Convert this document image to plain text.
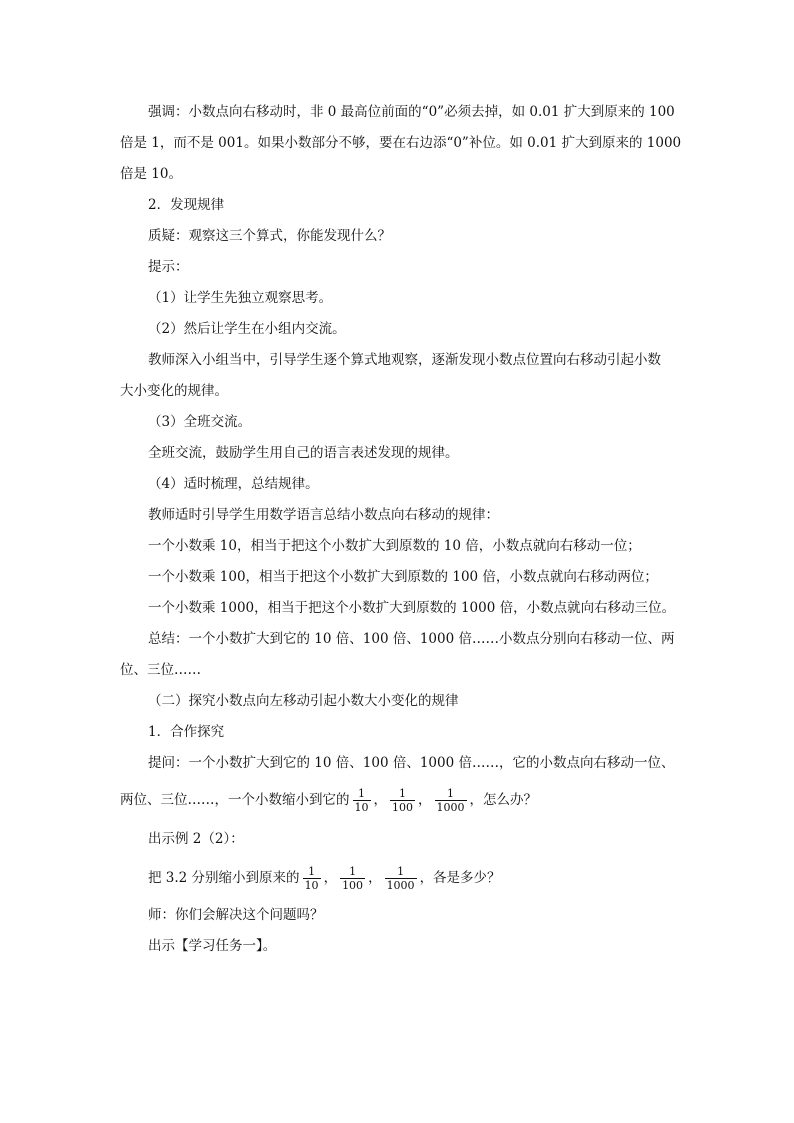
强调：小数点向右移动时，非 0 最高位前面的“0”必须去掉，如 0.01 扩大到原来的 100
倍是 1，而不是 001。如果小数部分不够，要在右边添“0”补位。如 0.01 扩大到原来的 1000
倍是 10。
2．发现规律
质疑：观察这三个算式，你能发现什么？
提示：
（1）让学生先独立观察思考。
（2）然后让学生在小组内交流。
教师深入小组当中，引导学生逐个算式地观察，逐渐发现小数点位置向右移动引起小数
大小变化的规律。
（3）全班交流。
全班交流，鼓励学生用自己的语言表述发现的规律。
（4）适时梳理，总结规律。
教师适时引导学生用数学语言总结小数点向右移动的规律：
一个小数乘 10，相当于把这个小数扩大到原数的 10 倍，小数点就向右移动一位；
一个小数乘 100，相当于把这个小数扩大到原数的 100 倍，小数点就向右移动两位；
一个小数乘 1000，相当于把这个小数扩大到原数的 1000 倍，小数点就向右移动三位。
总结：一个小数扩大到它的 10 倍、100 倍、1000 倍……小数点分别向右移动一位、两
位、三位……
（二）探究小数点向左移动引起小数大小变化的规律
1．合作探究
提问：一个小数扩大到它的 10 倍、100 倍、1000 倍……，它的小数点向右移动一位、
两位、三位……，一个小数缩小到它的 $\frac{1}{10}$ ， $\frac{1}{100}$ ， $\frac{1}{1000}$ ，怎么办？
出示例 2（2）：
把 3.2 分别缩小到原来的 $\frac{1}{10}$ ， $\frac{1}{100}$ ， $\frac{1}{1000}$ ，各是多少？
师：你们会解决这个问题吗？
出示【学习任务一】。
